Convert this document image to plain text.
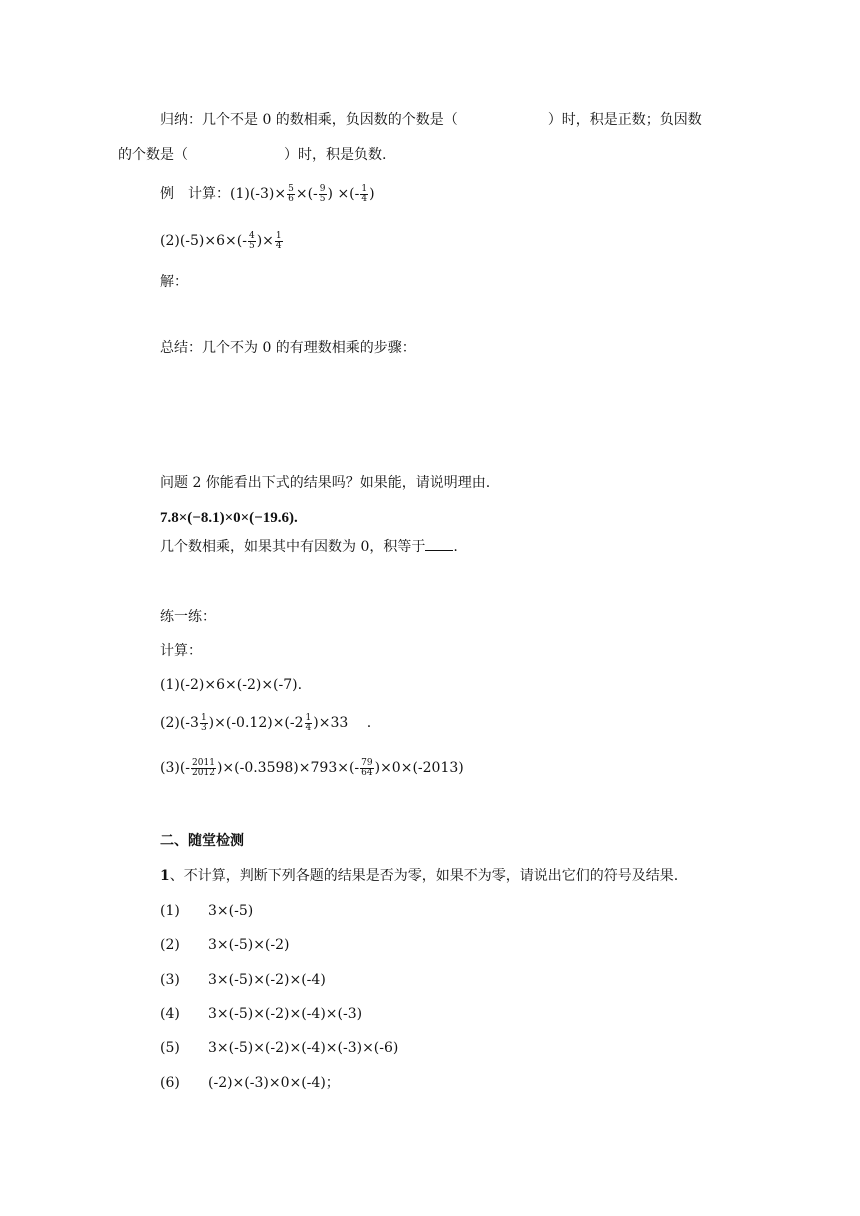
归纳：几个不是 0 的数相乘，负因数的个数是（	）时，积是正数；负因数
的个数是（	）时，积是负数.
例　计算：$(1)(-3)\times \frac{5}{6}$ ×(- $\frac{9}{5}$ ) ×(- $\frac{1}{4}$ )
$(2)(-5)\times 6\times(- \frac{4}{5}$ )× $\frac{1}{4}$
解：
总结：几个不为 0 的有理数相乘的步骤：
问题 2 你能看出下式的结果吗？如果能，请说明理由.
7.8×(−8.1)×0×(−19.6).
几个数相乘，如果其中有因数为 0，积等于 .
练一练：
计算：
(1)(-2)×6×(-2)×(-7).
$(2)(-3 \frac{1}{3} )\times(-0.12)\times(-2 \frac{1}{4} )\times 33$　 .
$(3)(- \frac{2011}{2012} )\times(-0.3598)\times 793\times(- \frac{79}{64} )\times 0\times(-2013)$
二、随堂检测
1、不计算，判断下列各题的结果是否为零，如果不为零，请说出它们的符号及结果.
(1) 3×(-5)
(2) 3×(-5)×(-2)
(3) 3×(-5)×(-2)×(-4)
(4) 3×(-5)×(-2)×(-4)×(-3)
(5) 3×(-5)×(-2)×(-4)×(-3)×(-6)
(6) (-2)×(-3)×0×(-4)；
